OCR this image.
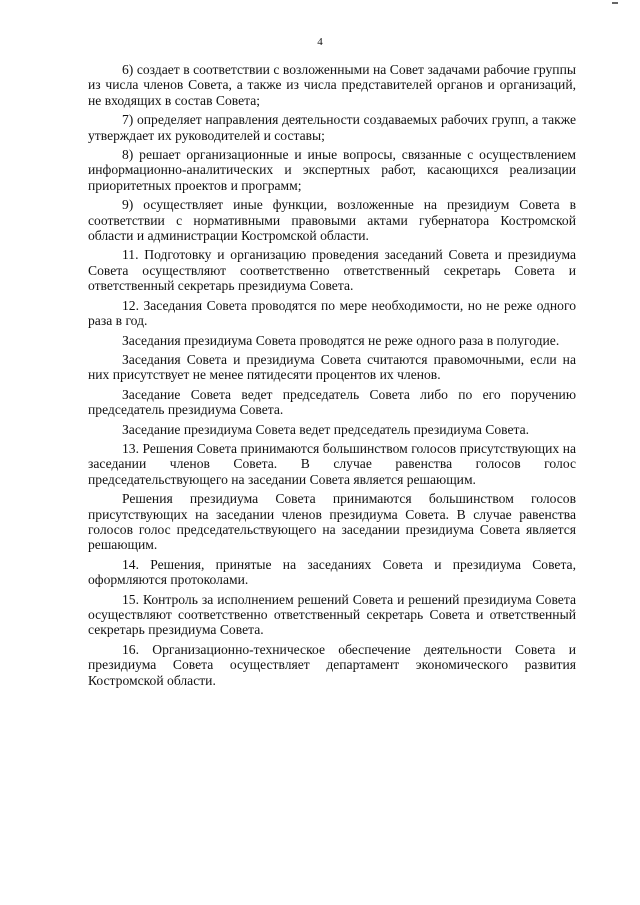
4

6) создает в соответствии с возложенными на Совет задачами рабочие группы из числа членов Совета, а также из числа представителей органов и организаций, не входящих в состав Совета;

7) определяет направления деятельности создаваемых рабочих групп, а также утверждает их руководителей и составы;

8) решает организационные и иные вопросы, связанные с осуществлением информационно-аналитических и экспертных работ, касающихся реализации приоритетных проектов и программ;

9) осуществляет иные функции, возложенные на президиум Совета в соответствии с нормативными правовыми актами губернатора Костромской области и администрации Костромской области.

11. Подготовку и организацию проведения заседаний Совета и президиума Совета осуществляют соответственно ответственный секретарь Совета и ответственный секретарь президиума Совета.

12. Заседания Совета проводятся по мере необходимости, но не реже одного раза в год.

Заседания президиума Совета проводятся не реже одного раза в полугодие.

Заседания Совета и президиума Совета считаются правомочными, если на них присутствует не менее пятидесяти процентов их членов.

Заседание Совета ведет председатель Совета либо по его поручению председатель президиума Совета.

Заседание президиума Совета ведет председатель президиума Совета.

13. Решения Совета принимаются большинством голосов присутствующих на заседании членов Совета. В случае равенства голосов голос председательствующего на заседании Совета является решающим.

Решения президиума Совета принимаются большинством голосов присутствующих на заседании членов президиума Совета. В случае равенства голосов голос председательствующего на заседании президиума Совета является решающим.

14. Решения, принятые на заседаниях Совета и президиума Совета, оформляются протоколами.

15. Контроль за исполнением решений Совета и решений президиума Совета осуществляют соответственно ответственный секретарь Совета и ответственный секретарь президиума Совета.

16. Организационно-техническое обеспечение деятельности Совета и президиума Совета осуществляет департамент экономического развития Костромской области.
